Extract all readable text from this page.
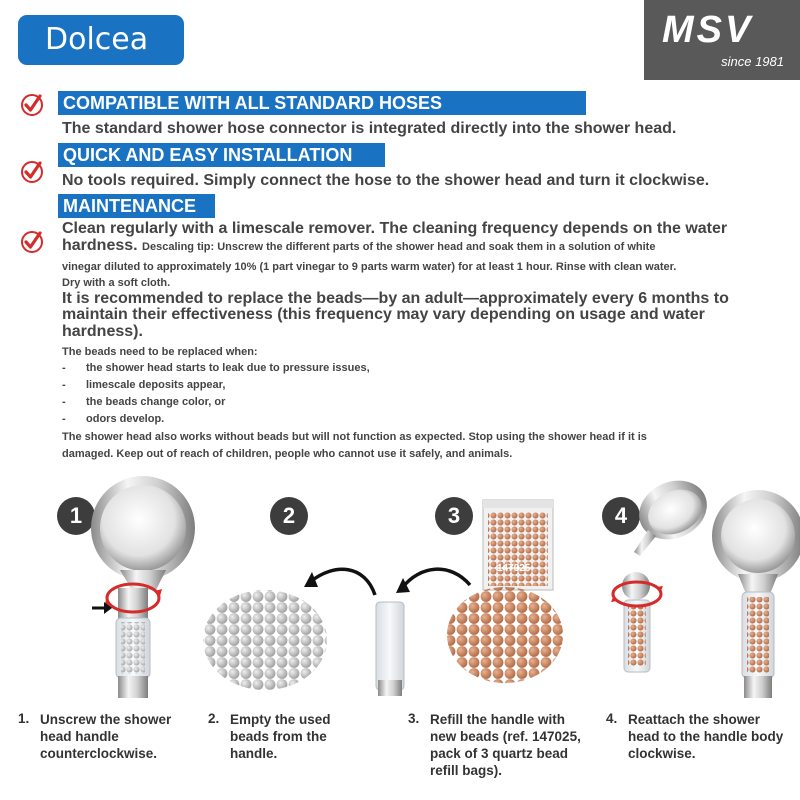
Dolcea	MSV
since 1981
COMPATIBLE WITH ALL STANDARD HOSES
The standard shower hose connector is integrated directly into the shower head.
QUICK AND EASY INSTALLATION
No tools required. Simply connect the hose to the shower head and turn it clockwise.
MAINTENANCE
Clean regularly with a limescale remover. The cleaning frequency depends on the water
hardness. Descaling tip: Unscrew the different parts of the shower head and soak them in a solution of white
vinegar diluted to approximately 10% (1 part vinegar to 9 parts warm water) for at least 1 hour. Rinse with clean water.
Dry with a soft cloth.
It is recommended to replace the beads—by an adult—approximately every 6 months to
maintain their effectiveness (this frequency may vary depending on usage and water
hardness).
The beads need to be replaced when:
- the shower head starts to leak due to pressure issues,
- limescale deposits appear,
- the beads change color, or
- odors develop.
The shower head also works without beads but will not function as expected. Stop using the shower head if it is
damaged. Keep out of reach of children, people who cannot use it safely, and animals.
1	2	3	4
147025
1. Unscrew the shower
head handle
counterclockwise.
2. Empty the used
beads from the
handle.
3. Refill the handle with
new beads (ref. 147025,
pack of 3 quartz bead
refill bags).
4. Reattach the shower
head to the handle body
clockwise.
